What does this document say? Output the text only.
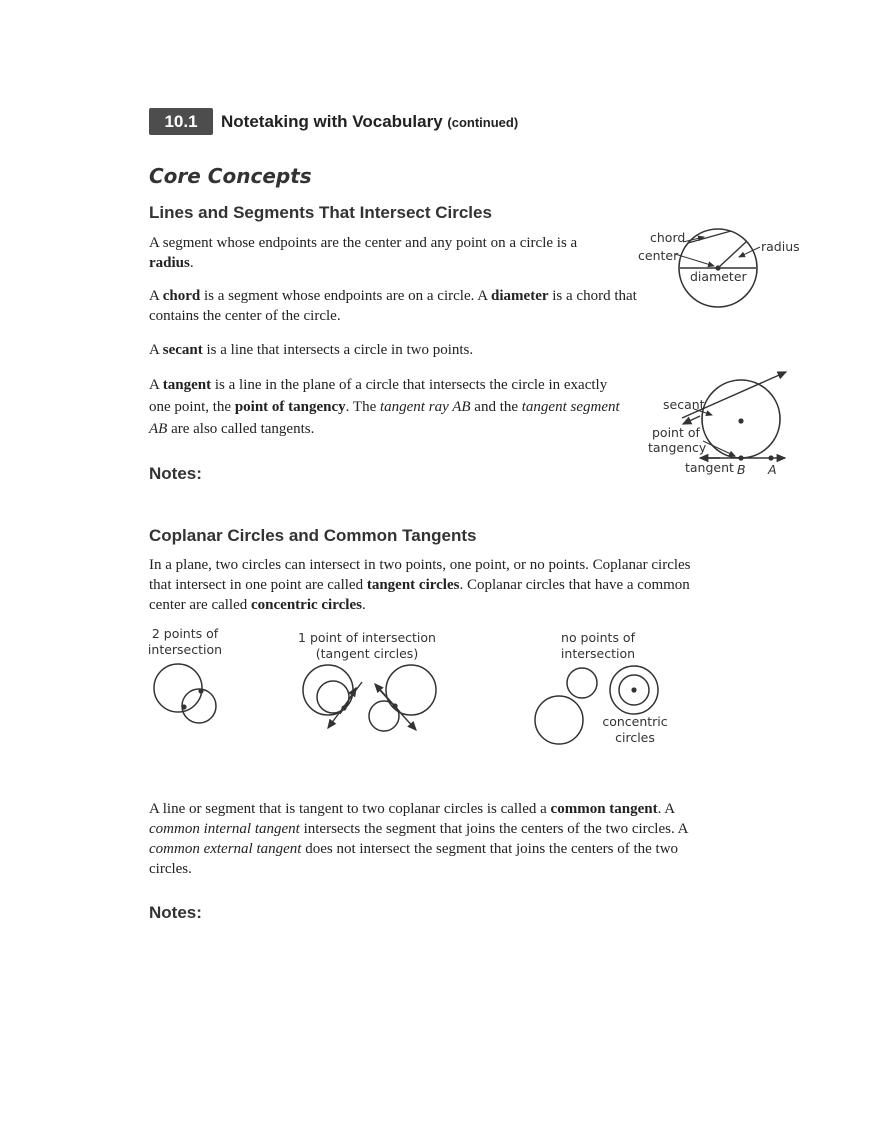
10.1 Notetaking with Vocabulary (continued)
Core Concepts
Lines and Segments That Intersect Circles
A segment whose endpoints are the center and any point on a circle is a radius.
A chord is a segment whose endpoints are on a circle. A diameter is a chord that contains the center of the circle.
A secant is a line that intersects a circle in two points.
A tangent is a line in the plane of a circle that intersects the circle in exactly one point, the point of tangency. The tangent ray AB and the tangent segment AB are also called tangents.
Notes:
chord
center
radius
diameter
secant
point of
tangency
tangent B A
Coplanar Circles and Common Tangents
In a plane, two circles can intersect in two points, one point, or no points. Coplanar circles that intersect in one point are called tangent circles. Coplanar circles that have a common center are called concentric circles.
2 points of
intersection
1 point of intersection
(tangent circles)
no points of
intersection
concentric
circles
A line or segment that is tangent to two coplanar circles is called a common tangent. A common internal tangent intersects the segment that joins the centers of the two circles. A common external tangent does not intersect the segment that joins the centers of the two circles.
Notes:
